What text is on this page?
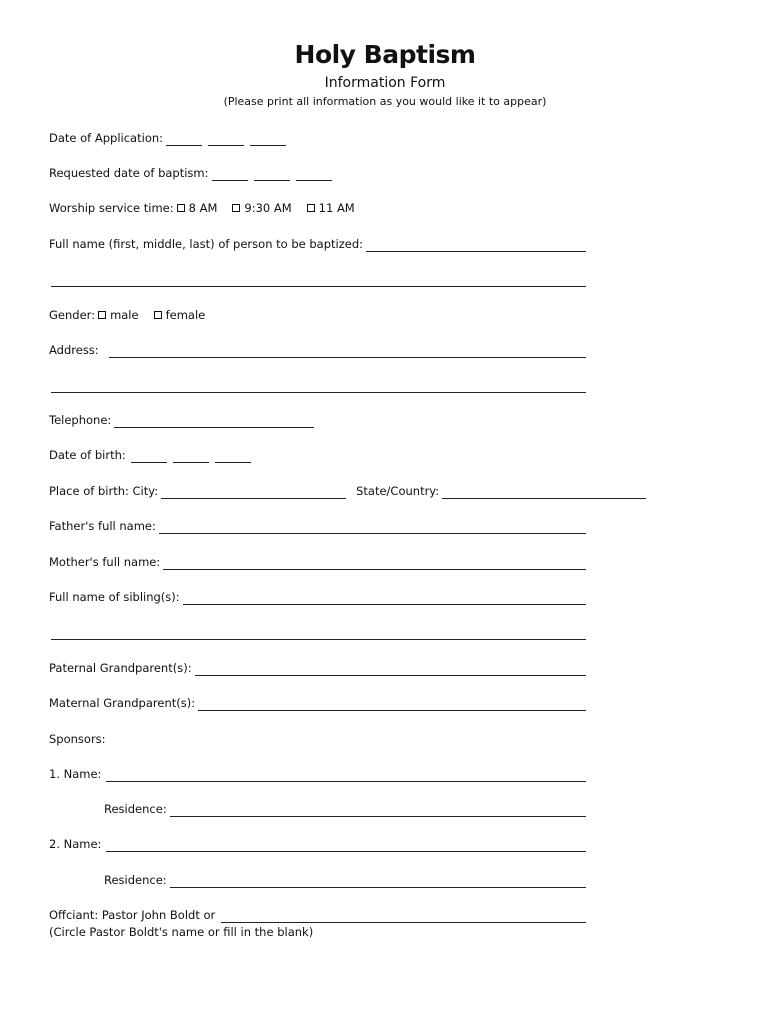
Holy Baptism
Information Form
(Please print all information as you would like it to appear)
Date of Application:
Requested date of baptism:
Worship service time: 8 AM 9:30 AM 11 AM
Full name (first, middle, last) of person to be baptized:
Gender: male female
Address:
Telephone:
Date of birth:
Place of birth: City:	State/Country:
Father's full name:
Mother's full name:
Full name of sibling(s):
Paternal Grandparent(s):
Maternal Grandparent(s):
Sponsors:
1. Name:
Residence:
2. Name:
Residence:
Offciant: Pastor John Boldt or
(Circle Pastor Boldt's name or fill in the blank)
